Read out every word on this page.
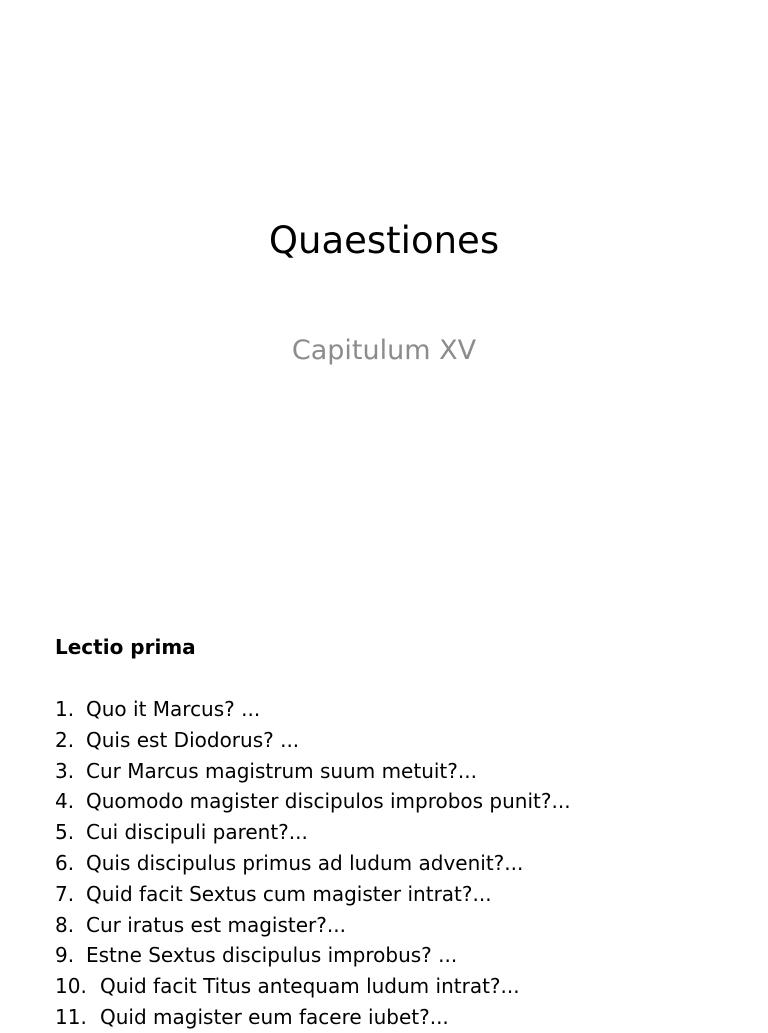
Quaestiones
Capitulum XV
Lectio prima
1. Quo it Marcus? ...
2. Quis est Diodorus? ...
3. Cur Marcus magistrum suum metuit?...
4. Quomodo magister discipulos improbos punit?...
5. Cui discipuli parent?...
6. Quis discipulus primus ad ludum advenit?...
7. Quid facit Sextus cum magister intrat?...
8. Cur iratus est magister?...
9. Estne Sextus discipulus improbus? ...
10. Quid facit Titus antequam ludum intrat?...
11. Quid magister eum facere iubet?...
